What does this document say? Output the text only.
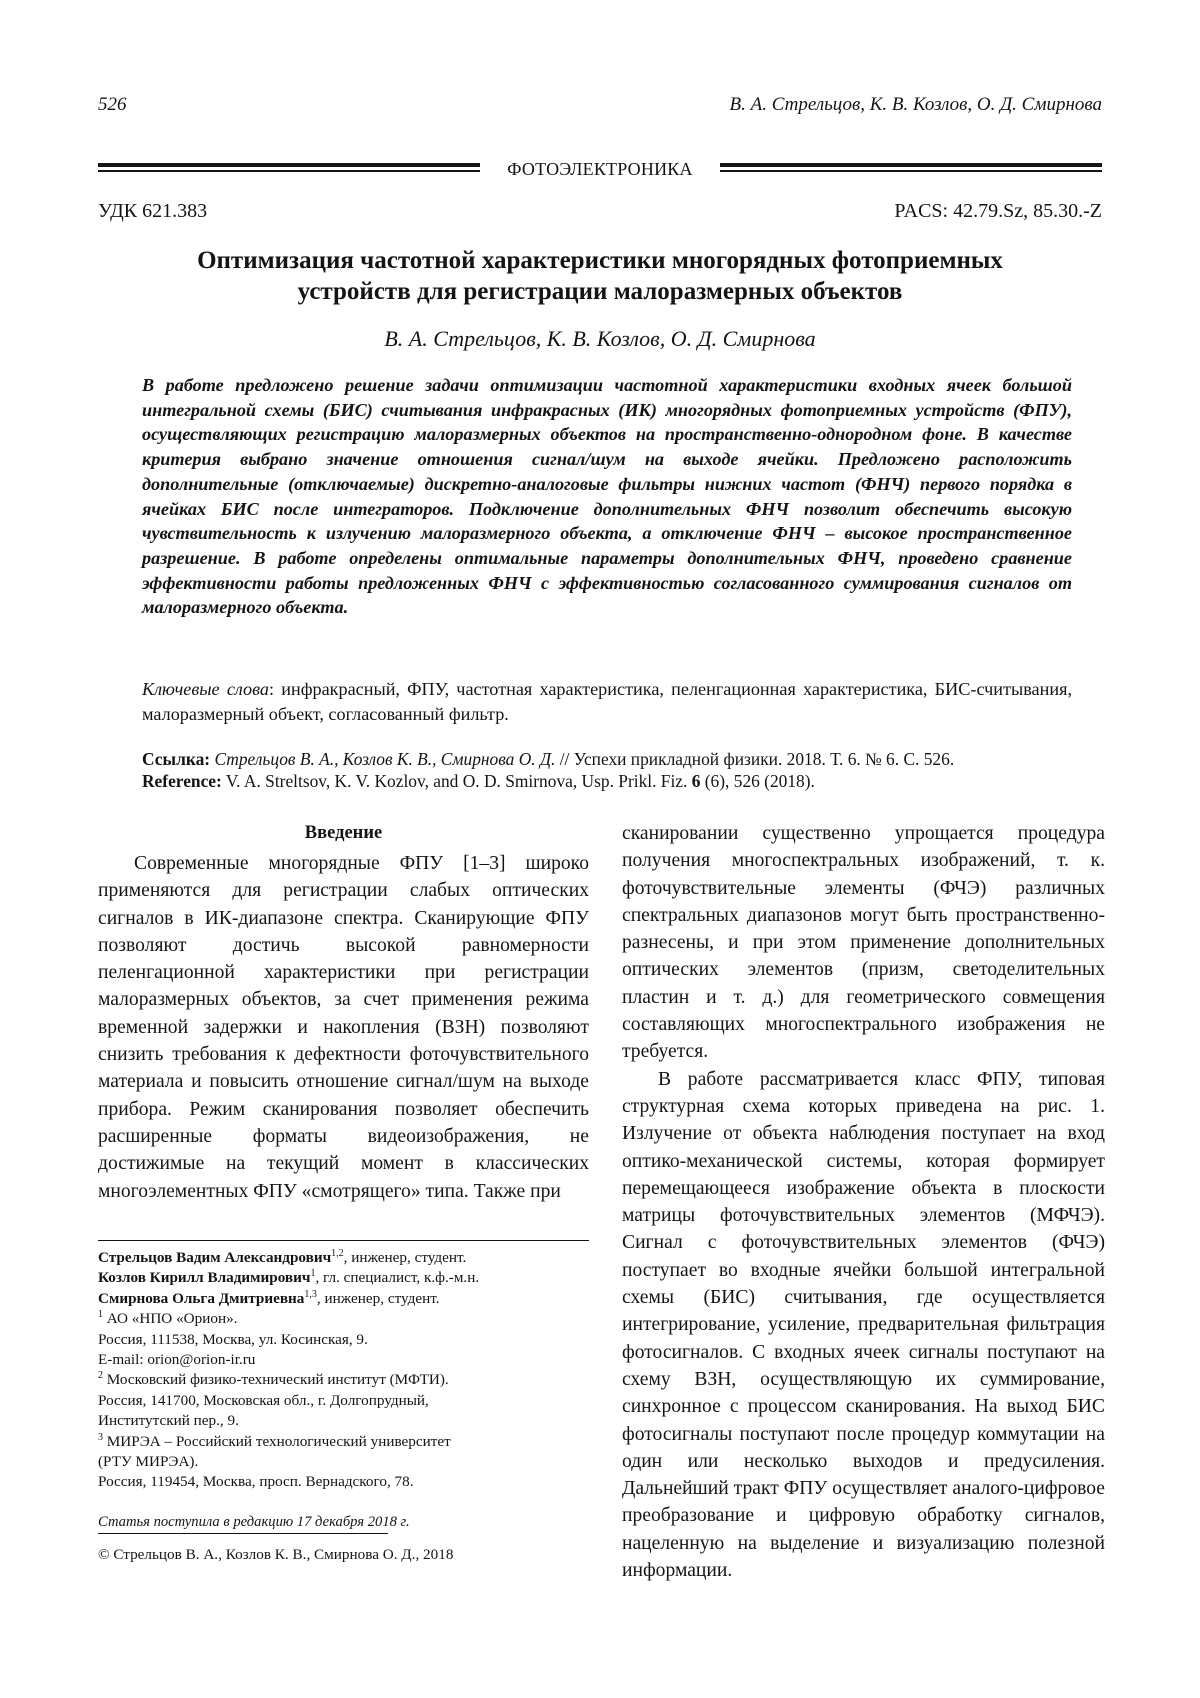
526	В. А. Стрельцов, К. В. Козлов, О. Д. Смирнова
ФОТОЭЛЕКТРОНИКА
УДК 621.383	PACS: 42.79.Sz, 85.30.-Z
Оптимизация частотной характеристики многорядных фотоприемных
устройств для регистрации малоразмерных объектов
В. А. Стрельцов, К. В. Козлов, О. Д. Смирнова

В работе предложено решение задачи оптимизации частотной характеристики входных ячеек большой интегральной схемы (БИС) считывания инфракрасных (ИК) многорядных фотоприемных устройств (ФПУ), осуществляющих регистрацию малоразмерных объектов на пространственно-однородном фоне. В качестве критерия выбрано значение отношения сигнал/шум на выходе ячейки. Предложено расположить дополнительные (отключаемые) дискретно-аналоговые фильтры нижних частот (ФНЧ) первого порядка в ячейках БИС после интеграторов. Подключение дополнительных ФНЧ позволит обеспечить высокую чувствительность к излучению малоразмерного объекта, а отключение ФНЧ – высокое пространственное разрешение. В работе определены оптимальные параметры дополнительных ФНЧ, проведено сравнение эффективности работы предложенных ФНЧ с эффективностью согласованного суммирования сигналов от малоразмерного объекта.

Ключевые слова: инфракрасный, ФПУ, частотная характеристика, пеленгационная характеристика, БИС-считывания, малоразмерный объект, согласованный фильтр.

Ссылка: Стрельцов В. А., Козлов К. В., Смирнова О. Д. // Успехи прикладной физики. 2018. Т. 6. № 6. С. 526.
Reference: V. A. Streltsov, K. V. Kozlov, and O. D. Smirnova, Usp. Prikl. Fiz. 6 (6), 526 (2018).
Введение

Современные многорядные ФПУ [1–3] широко применяются для регистрации слабых оптических сигналов в ИК-диапазоне спектра. Сканирующие ФПУ позволяют достичь высокой равномерности пеленгационной характеристики при регистрации малоразмерных объектов, за счет применения режима временной задержки и накопления (ВЗН) позволяют снизить требования к дефектности фоточувствительного материала и повысить отношение сигнал/шум на выходе прибора. Режим сканирования позволяет обеспечить расширенные форматы видеоизображения, не достижимые на текущий момент в классических многоэлементных ФПУ «смотрящего» типа. Также при

сканировании существенно упрощается процедура получения многоспектральных изображений, т. к. фоточувствительные элементы (ФЧЭ) различных спектральных диапазонов могут быть пространственно-разнесены, и при этом применение дополнительных оптических элементов (призм, светоделительных пластин и т. д.) для геометрического совмещения составляющих многоспектрального изображения не требуется.

В работе рассматривается класс ФПУ, типовая структурная схема которых приведена на рис. 1. Излучение от объекта наблюдения поступает на вход оптико-механической системы, которая формирует перемещающееся изображение объекта в плоскости матрицы фоточувствительных элементов (МФЧЭ). Сигнал с фоточувствительных элементов (ФЧЭ) поступает во входные ячейки большой интегральной схемы (БИС) считывания, где осуществляется интегрирование, усиление, предварительная фильтрация фотосигналов. С входных ячеек сигналы поступают на схему ВЗН, осуществляющую их суммирование, синхронное с процессом сканирования. На выход БИС фотосигналы поступают после процедур коммутации на один или несколько выходов и предусиления. Дальнейший тракт ФПУ осуществляет аналого-цифровое преобразование и цифровую обработку сигналов, нацеленную на выделение и визуализацию полезной информации.

Стрельцов Вадим Александрович1,2, инженер, студент.
Козлов Кирилл Владимирович1, гл. специалист, к.ф.-м.н.
Смирнова Ольга Дмитриевна1,3, инженер, студент.
1 АО «НПО «Орион».
Россия, 111538, Москва, ул. Косинская, 9.
E-mail: orion@orion-ir.ru
2 Московский физико-технический институт (МФТИ).
Россия, 141700, Московская обл., г. Долгопрудный,
Институтский пер., 9.
3 МИРЭА – Российский технологический университет
(РТУ МИРЭА).
Россия, 119454, Москва, просп. Вернадского, 78.
Статья поступила в редакцию 17 декабря 2018 г.
© Стрельцов В. А., Козлов К. В., Смирнова О. Д., 2018
